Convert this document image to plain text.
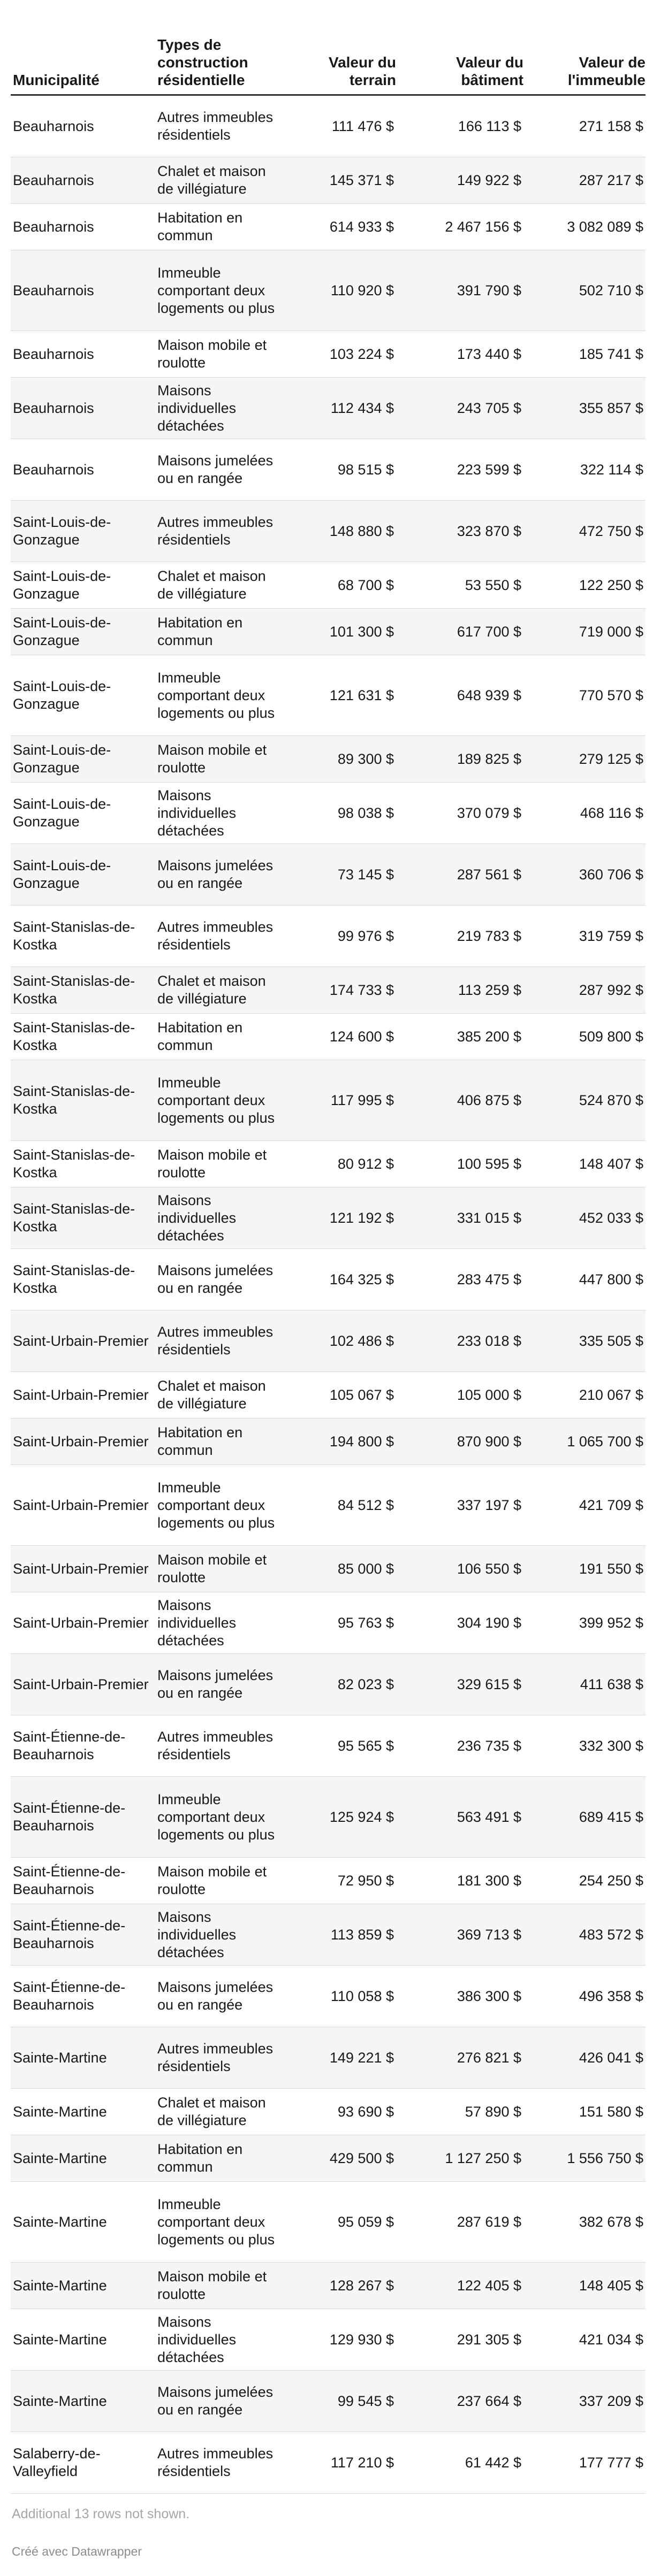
Municipalité	Types de construction résidentielle	Valeur du terrain	Valeur du bâtiment	Valeur de l'immeuble
Beauharnois	Autres immeubles résidentiels	111 476 $	166 113 $	271 158 $
Beauharnois	Chalet et maison de villégiature	145 371 $	149 922 $	287 217 $
Beauharnois	Habitation en commun	614 933 $	2 467 156 $	3 082 089 $
Beauharnois	Immeuble comportant deux logements ou plus	110 920 $	391 790 $	502 710 $
Beauharnois	Maison mobile et roulotte	103 224 $	173 440 $	185 741 $
Beauharnois	Maisons individuelles détachées	112 434 $	243 705 $	355 857 $
Beauharnois	Maisons jumelées ou en rangée	98 515 $	223 599 $	322 114 $
Saint-Louis-de-Gonzague	Autres immeubles résidentiels	148 880 $	323 870 $	472 750 $
Saint-Louis-de-Gonzague	Chalet et maison de villégiature	68 700 $	53 550 $	122 250 $
Saint-Louis-de-Gonzague	Habitation en commun	101 300 $	617 700 $	719 000 $
Saint-Louis-de-Gonzague	Immeuble comportant deux logements ou plus	121 631 $	648 939 $	770 570 $
Saint-Louis-de-Gonzague	Maison mobile et roulotte	89 300 $	189 825 $	279 125 $
Saint-Louis-de-Gonzague	Maisons individuelles détachées	98 038 $	370 079 $	468 116 $
Saint-Louis-de-Gonzague	Maisons jumelées ou en rangée	73 145 $	287 561 $	360 706 $
Saint-Stanislas-de-Kostka	Autres immeubles résidentiels	99 976 $	219 783 $	319 759 $
Saint-Stanislas-de-Kostka	Chalet et maison de villégiature	174 733 $	113 259 $	287 992 $
Saint-Stanislas-de-Kostka	Habitation en commun	124 600 $	385 200 $	509 800 $
Saint-Stanislas-de-Kostka	Immeuble comportant deux logements ou plus	117 995 $	406 875 $	524 870 $
Saint-Stanislas-de-Kostka	Maison mobile et roulotte	80 912 $	100 595 $	148 407 $
Saint-Stanislas-de-Kostka	Maisons individuelles détachées	121 192 $	331 015 $	452 033 $
Saint-Stanislas-de-Kostka	Maisons jumelées ou en rangée	164 325 $	283 475 $	447 800 $
Saint-Urbain-Premier	Autres immeubles résidentiels	102 486 $	233 018 $	335 505 $
Saint-Urbain-Premier	Chalet et maison de villégiature	105 067 $	105 000 $	210 067 $
Saint-Urbain-Premier	Habitation en commun	194 800 $	870 900 $	1 065 700 $
Saint-Urbain-Premier	Immeuble comportant deux logements ou plus	84 512 $	337 197 $	421 709 $
Saint-Urbain-Premier	Maison mobile et roulotte	85 000 $	106 550 $	191 550 $
Saint-Urbain-Premier	Maisons individuelles détachées	95 763 $	304 190 $	399 952 $
Saint-Urbain-Premier	Maisons jumelées ou en rangée	82 023 $	329 615 $	411 638 $
Saint-Étienne-de-Beauharnois	Autres immeubles résidentiels	95 565 $	236 735 $	332 300 $
Saint-Étienne-de-Beauharnois	Immeuble comportant deux logements ou plus	125 924 $	563 491 $	689 415 $
Saint-Étienne-de-Beauharnois	Maison mobile et roulotte	72 950 $	181 300 $	254 250 $
Saint-Étienne-de-Beauharnois	Maisons individuelles détachées	113 859 $	369 713 $	483 572 $
Saint-Étienne-de-Beauharnois	Maisons jumelées ou en rangée	110 058 $	386 300 $	496 358 $
Sainte-Martine	Autres immeubles résidentiels	149 221 $	276 821 $	426 041 $
Sainte-Martine	Chalet et maison de villégiature	93 690 $	57 890 $	151 580 $
Sainte-Martine	Habitation en commun	429 500 $	1 127 250 $	1 556 750 $
Sainte-Martine	Immeuble comportant deux logements ou plus	95 059 $	287 619 $	382 678 $
Sainte-Martine	Maison mobile et roulotte	128 267 $	122 405 $	148 405 $
Sainte-Martine	Maisons individuelles détachées	129 930 $	291 305 $	421 034 $
Sainte-Martine	Maisons jumelées ou en rangée	99 545 $	237 664 $	337 209 $
Salaberry-de-Valleyfield	Autres immeubles résidentiels	117 210 $	61 442 $	177 777 $
Additional 13 rows not shown.
Créé avec Datawrapper
